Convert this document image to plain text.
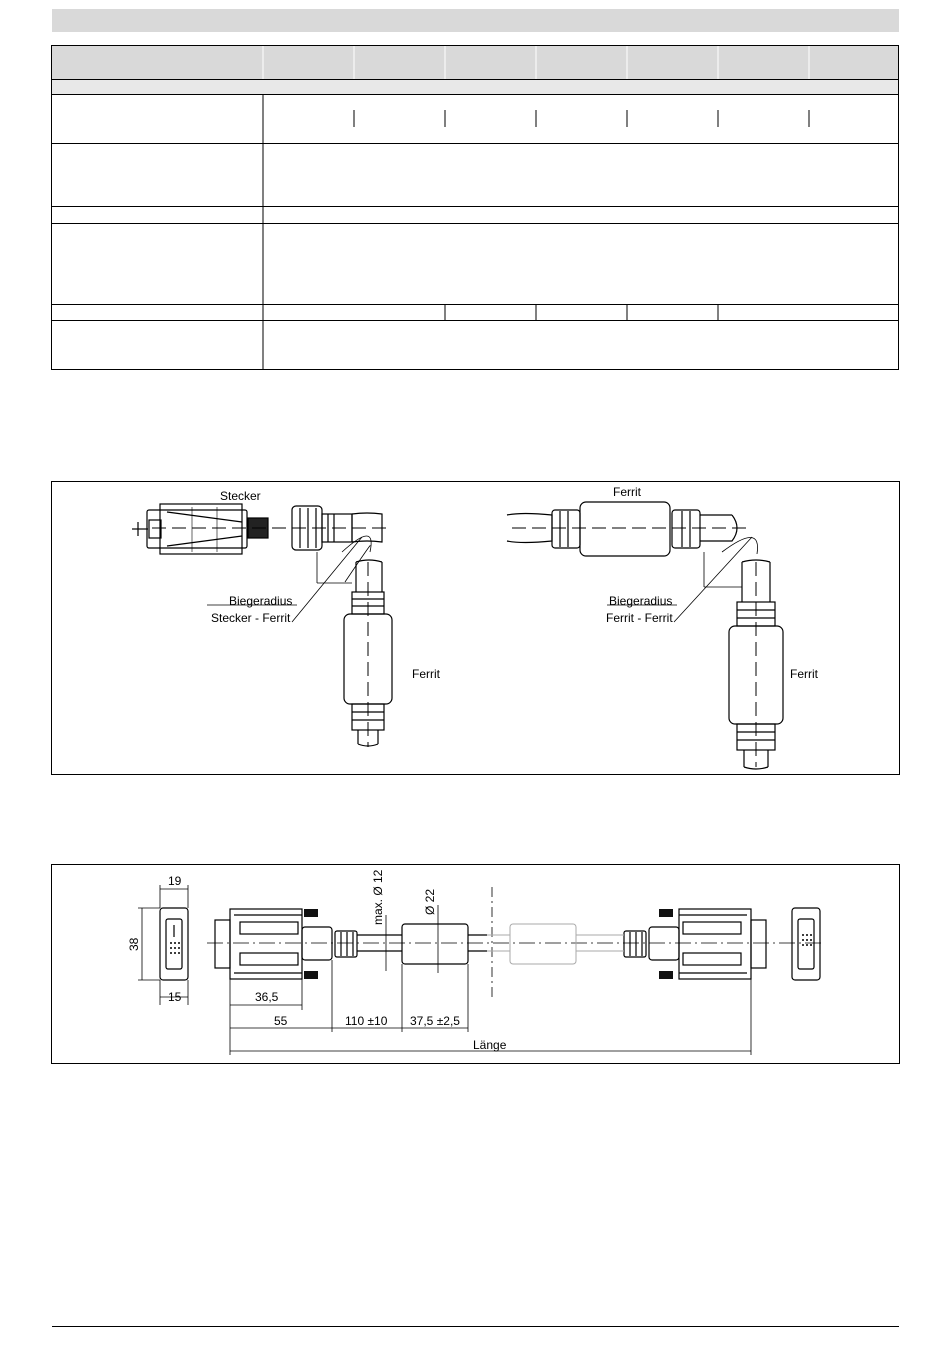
Stecker
Biegeradius
Stecker - Ferrit
Ferrit
Ferrit
Biegeradius
Ferrit - Ferrit
Ferrit
19
38
15	36,5
max. Ø 12	Ø 22
55	110 ±10 37,5 ±2,5
Länge
